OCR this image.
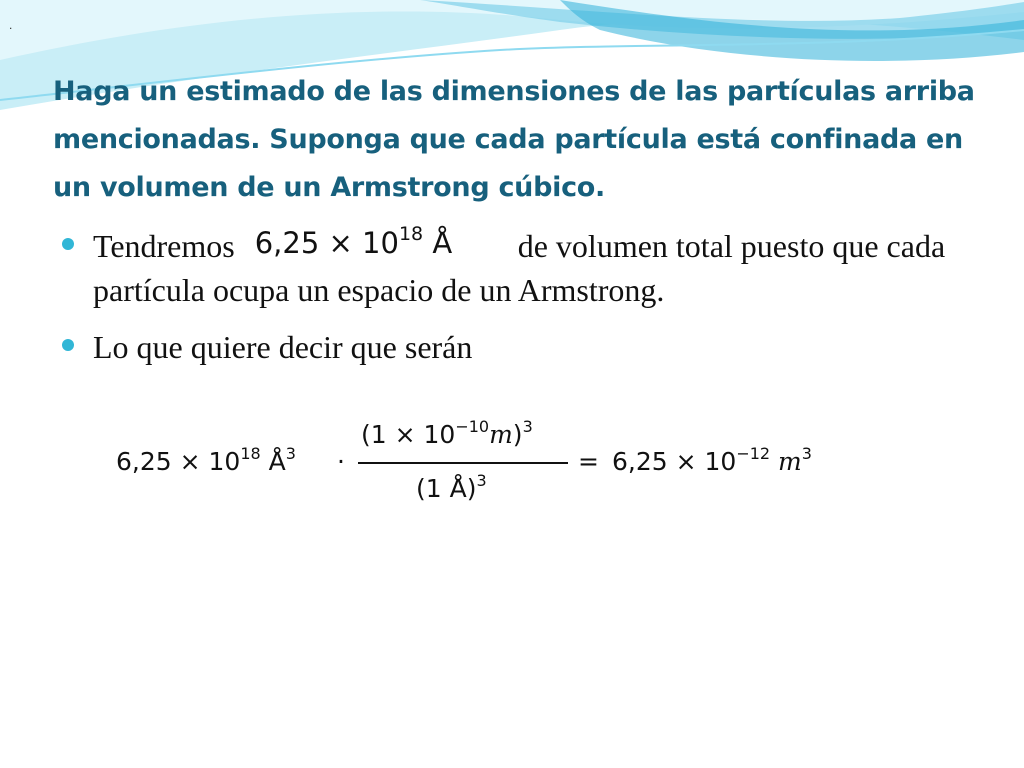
.
Haga un estimado de las dimensiones de las partículas arriba mencionadas. Suponga que cada partícula está confinada en un volumen de un Armstrong cúbico.
Tendremos $6,25 \times 10^{18}$ Å de volumen total puesto que cada partícula ocupa un espacio de un Armstrong.
Lo que quiere decir que serán
$6,25 \times 10^{18}$ $Å^3$ ·
$(1 \times 10^{-10}m)^3$
(1 Å)$^3$
= $6,25 \times 10^{-12}$ $m^3$
